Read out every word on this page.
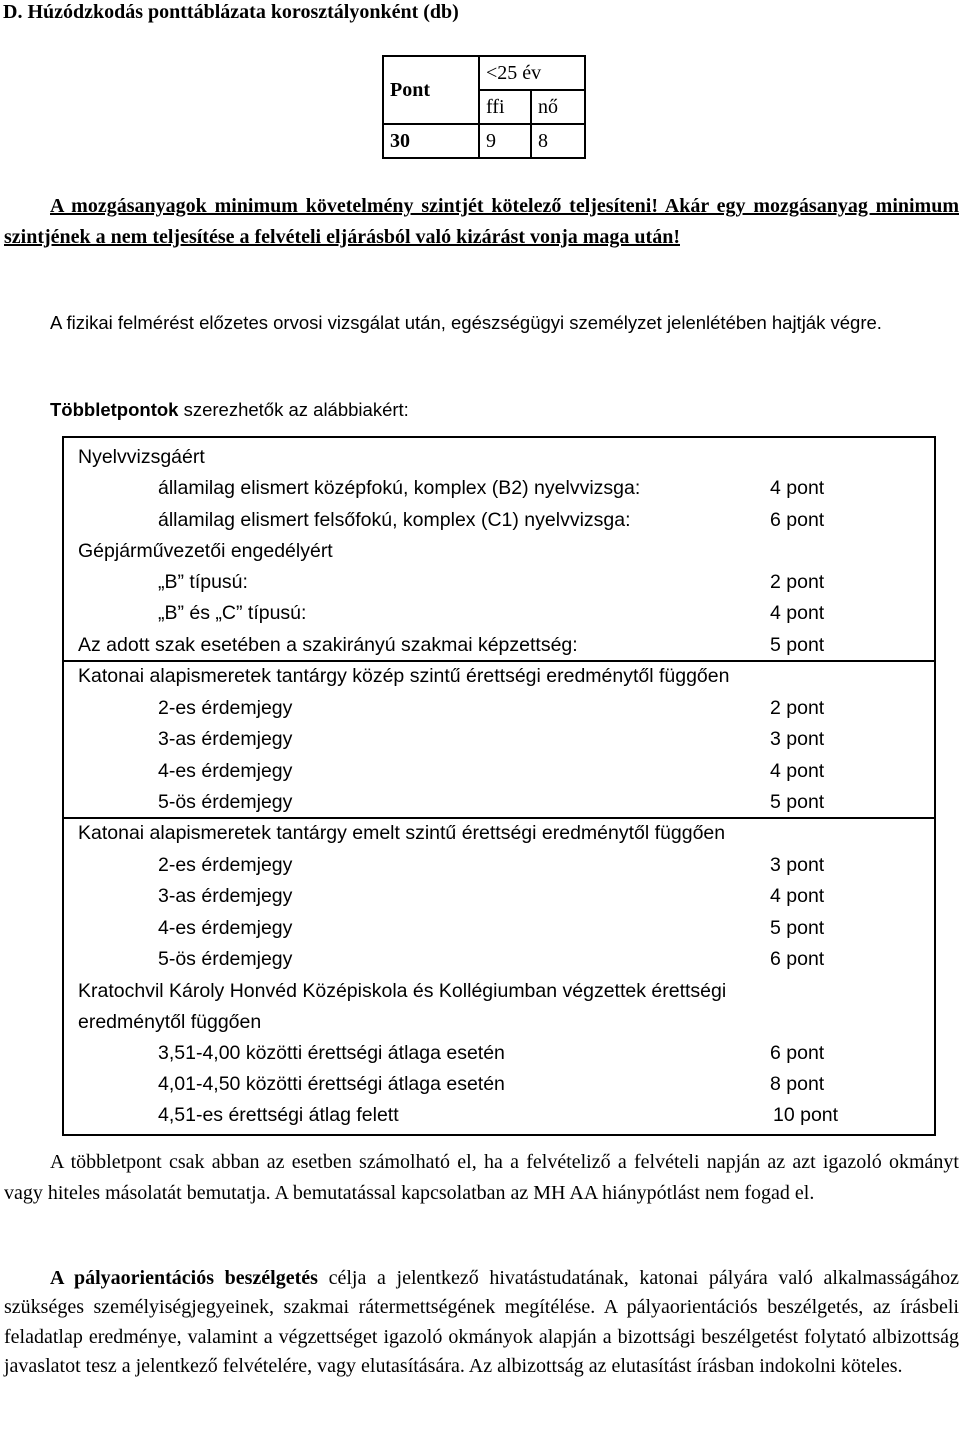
D. Húzódzkodás ponttáblázata korosztályonként (db)
Pont	<25 év	
	ffi	nő
30	9	8
A mozgásanyagok minimum követelmény szintjét kötelező teljesíteni! Akár egy mozgásanyag minimum szintjének a nem teljesítése a felvételi eljárásból való kizárást vonja maga után!
A fizikai felmérést előzetes orvosi vizsgálat után, egészségügyi személyzet jelenlétében hajtják végre.
Többletpontok szerezhetők az alábbiakért:
Nyelvvizsgáért
államilag elismert középfokú, komplex (B2) nyelvvizsga:	4 pont
államilag elismert felsőfokú, komplex (C1) nyelvvizsga:	6 pont
Gépjárművezetői engedélyért
„B” típusú:	2 pont
„B” és „C” típusú:	4 pont
Az adott szak esetében a szakirányú szakmai képzettség:	5 pont
Katonai alapismeretek tantárgy közép szintű érettségi eredménytől függően
2-es érdemjegy	2 pont
3-as érdemjegy	3 pont
4-es érdemjegy	4 pont
5-ös érdemjegy	5 pont
Katonai alapismeretek tantárgy emelt szintű érettségi eredménytől függően
2-es érdemjegy	3 pont
3-as érdemjegy	4 pont
4-es érdemjegy	5 pont
5-ös érdemjegy	6 pont
Kratochvil Károly Honvéd Középiskola és Kollégiumban végzettek érettségi
eredménytől függően
3,51-4,00 közötti érettségi átlaga esetén	6 pont
4,01-4,50 közötti érettségi átlaga esetén	8 pont
4,51-es érettségi átlag felett	10 pont
A többletpont csak abban az esetben számolható el, ha a felvételiző a felvételi napján az azt igazoló okmányt vagy hiteles másolatát bemutatja. A bemutatással kapcsolatban az MH AA hiánypótlást nem fogad el.
A pályaorientációs beszélgetés célja a jelentkező hivatástudatának, katonai pályára való alkalmasságához szükséges személyiségjegyeinek, szakmai rátermettségének megítélése. A pályaorientációs beszélgetés, az írásbeli feladatlap eredménye, valamint a végzettséget igazoló okmányok alapján a bizottsági beszélgetést folytató albizottság javaslatot tesz a jelentkező felvételére, vagy elutasítására. Az albizottság az elutasítást írásban indokolni köteles.
